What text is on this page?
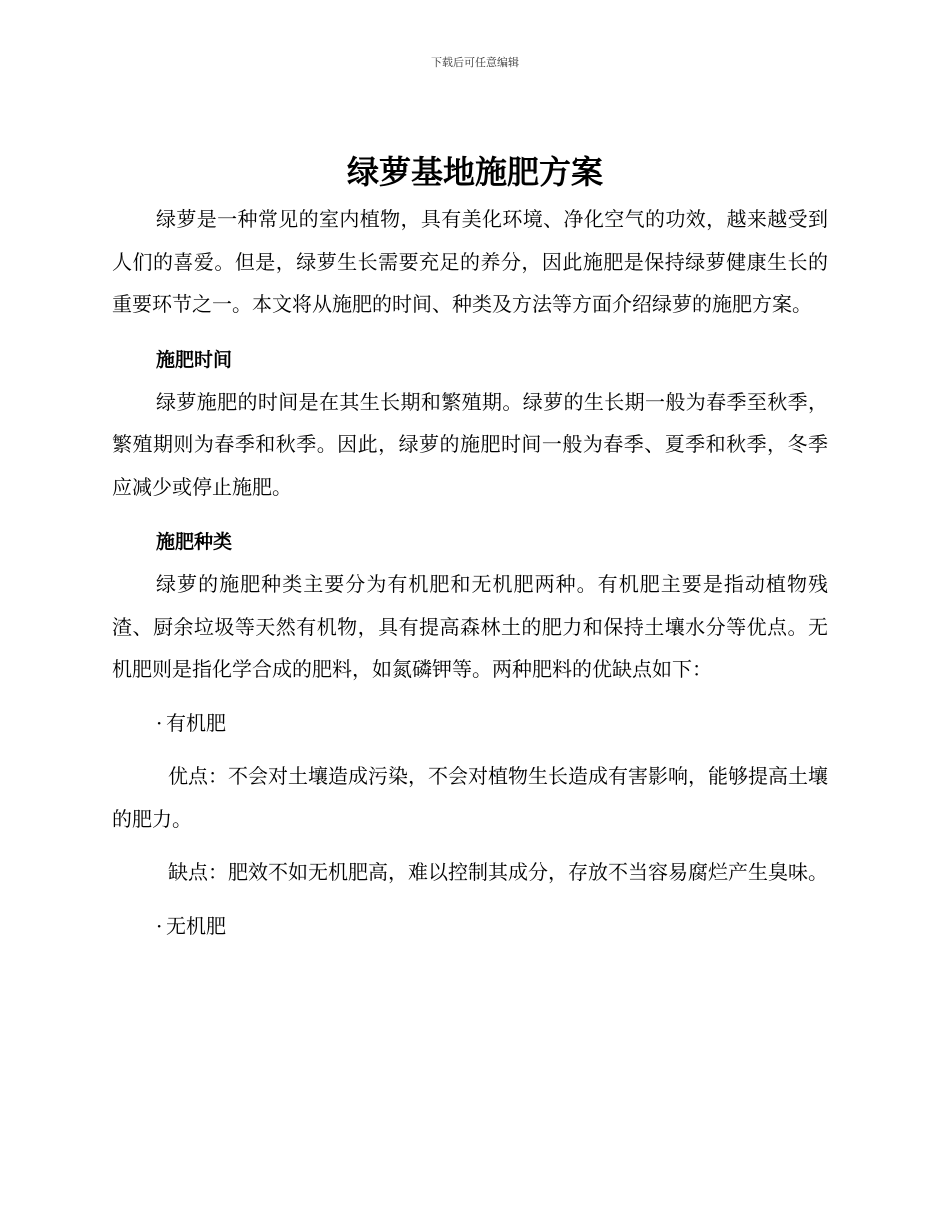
下载后可任意编辑
绿萝基地施肥方案

绿萝是一种常见的室内植物，具有美化环境、净化空气的功效，越来越受到人们的喜爱。但是，绿萝生长需要充足的养分，因此施肥是保持绿萝健康生长的重要环节之一。本文将从施肥的时间、种类及方法等方面介绍绿萝的施肥方案。

施肥时间

绿萝施肥的时间是在其生长期和繁殖期。绿萝的生长期一般为春季至秋季，繁殖期则为春季和秋季。因此，绿萝的施肥时间一般为春季、夏季和秋季，冬季应减少或停止施肥。

施肥种类

绿萝的施肥种类主要分为有机肥和无机肥两种。有机肥主要是指动植物残渣、厨余垃圾等天然有机物，具有提高森林土的肥力和保持土壤水分等优点。无机肥则是指化学合成的肥料，如氮磷钾等。两种肥料的优缺点如下：

· 有机肥

优点：不会对土壤造成污染，不会对植物生长造成有害影响，能够提高土壤的肥力。

缺点：肥效不如无机肥高，难以控制其成分，存放不当容易腐烂产生臭味。

· 无机肥
